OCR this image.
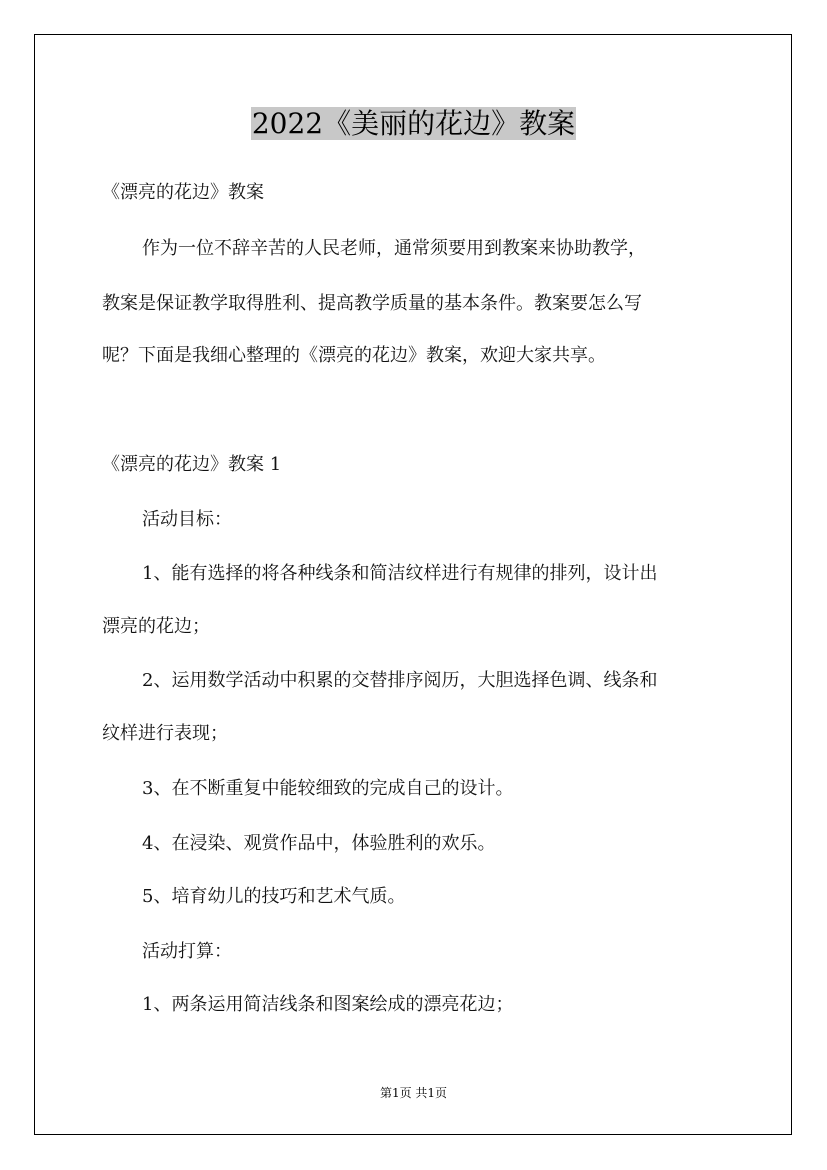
2022《美丽的花边》教案
《漂亮的花边》教案
作为一位不辞辛苦的人民老师，通常须要用到教案来协助教学，
教案是保证教学取得胜利、提高教学质量的基本条件。教案要怎么写
呢？下面是我细心整理的《漂亮的花边》教案，欢迎大家共享。
《漂亮的花边》教案 1
活动目标：
1、能有选择的将各种线条和简洁纹样进行有规律的排列，设计出
漂亮的花边；
2、运用数学活动中积累的交替排序阅历，大胆选择色调、线条和
纹样进行表现；
3、在不断重复中能较细致的完成自己的设计。
4、在浸染、观赏作品中，体验胜利的欢乐。
5、培育幼儿的技巧和艺术气质。
活动打算：
1、两条运用简洁线条和图案绘成的漂亮花边；
第1页 共1页
